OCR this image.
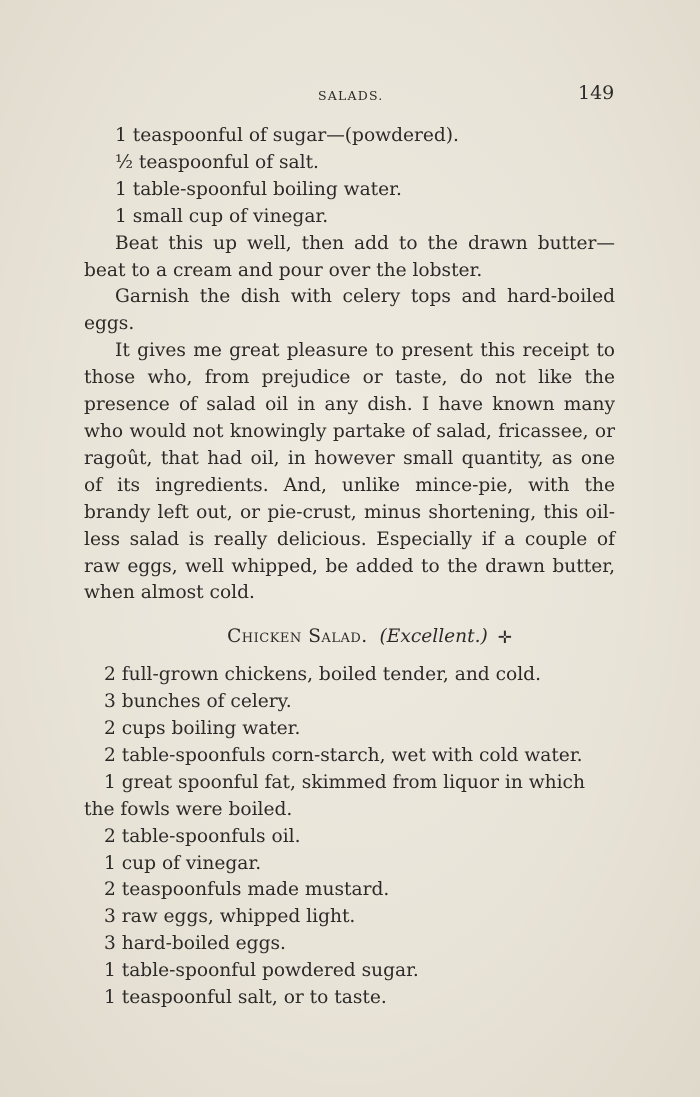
SALADS.	149
1 teaspoonful of sugar—(powdered).
½ teaspoonful of salt.
1 table-spoonful boiling water.
1 small cup of vinegar.
Beat this up well, then add to the drawn butter—beat to a cream and pour over the lobster.
Garnish the dish with celery tops and hard-boiled eggs.
It gives me great pleasure to present this receipt to those who, from prejudice or taste, do not like the presence of salad oil in any dish. I have known many who would not knowingly partake of salad, fricassee, or ragoût, that had oil, in however small quantity, as one of its ingredients. And, unlike mince-pie, with the brandy left out, or pie-crust, minus shortening, this oil-less salad is really delicious. Especially if a couple of raw eggs, well whipped, be added to the drawn butter, when almost cold.
Chicken Salad. (Excellent.) ✛
2 full-grown chickens, boiled tender, and cold.
3 bunches of celery.
2 cups boiling water.
2 table-spoonfuls corn-starch, wet with cold water.
1 great spoonful fat, skimmed from liquor in which
the fowls were boiled.
2 table-spoonfuls oil.
1 cup of vinegar.
2 teaspoonfuls made mustard.
3 raw eggs, whipped light.
3 hard-boiled eggs.
1 table-spoonful powdered sugar.
1 teaspoonful salt, or to taste.
